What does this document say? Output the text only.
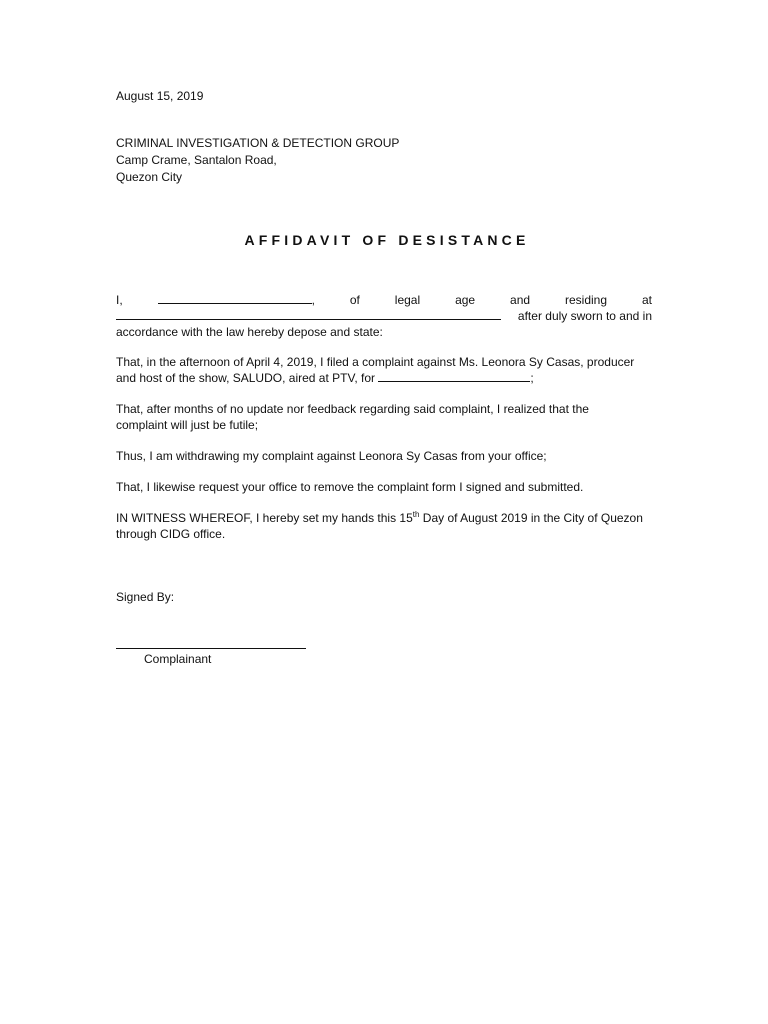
August 15, 2019
CRIMINAL INVESTIGATION & DETECTION GROUP
Camp Crame, Santalon Road,
Quezon City
AFFIDAVIT OF DESISTANCE
I,	,	of	legal	age	and	residing	at
after duly sworn to and in
accordance with the law hereby depose and state:
That, in the afternoon of April 4, 2019, I filed a complaint against Ms. Leonora Sy Casas, producer
and host of the show, SALUDO, aired at PTV, for	;
That, after months of no update nor feedback regarding said complaint, I realized that the
complaint will just be futile;
Thus, I am withdrawing my complaint against Leonora Sy Casas from your office;
That, I likewise request your office to remove the complaint form I signed and submitted.
IN WITNESS WHEREOF, I hereby set my hands this 15th Day of August 2019 in the City of Quezon
through CIDG office.
Signed By:
Complainant
